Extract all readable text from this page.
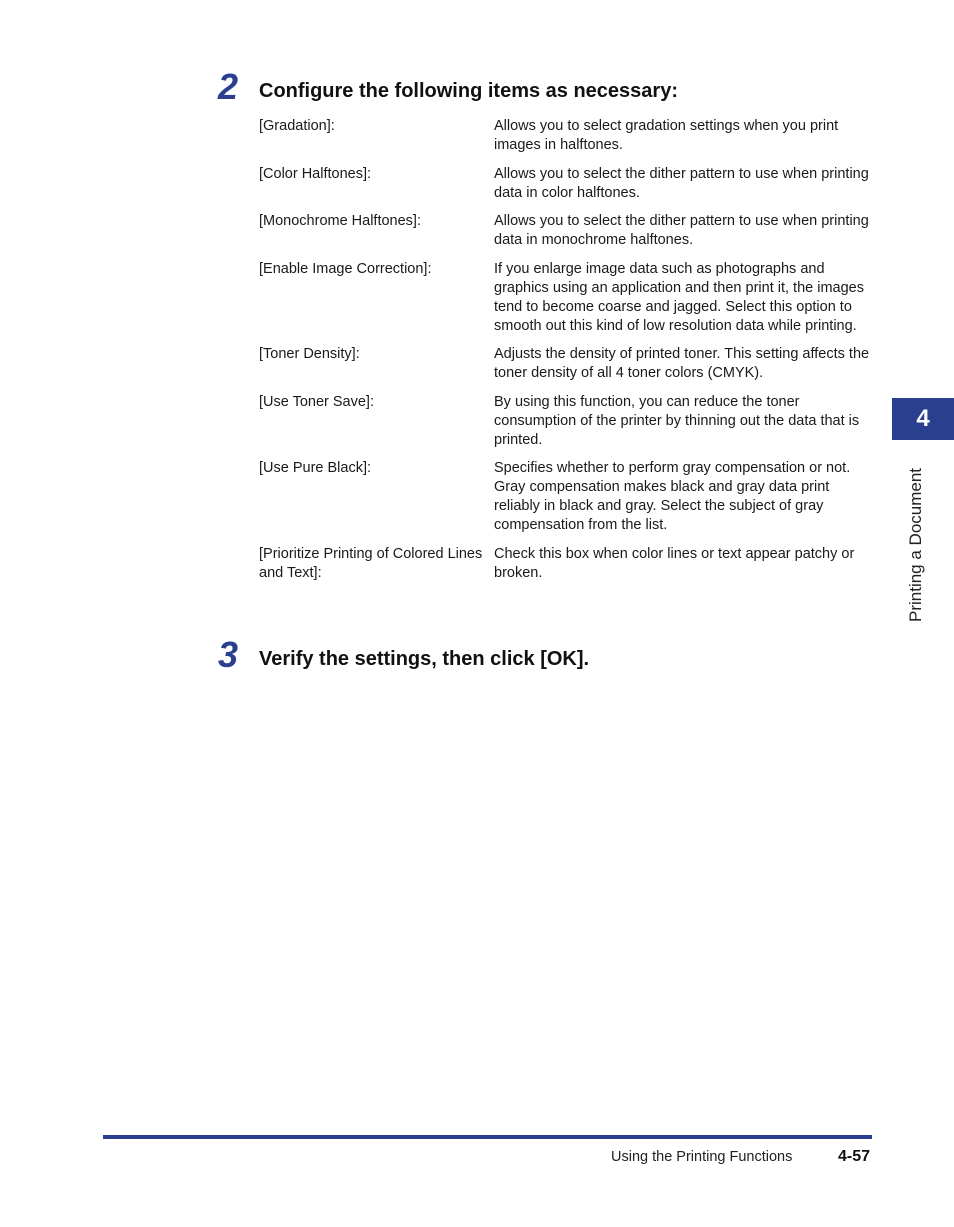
2 Configure the following items as necessary:
[Gradation]:	Allows you to select gradation settings when you print images in halftones.
[Color Halftones]:	Allows you to select the dither pattern to use when printing data in color halftones.
[Monochrome Halftones]:	Allows you to select the dither pattern to use when printing data in monochrome halftones.
[Enable Image Correction]:	If you enlarge image data such as photographs and graphics using an application and then print it, the images tend to become coarse and jagged. Select this option to smooth out this kind of low resolution data while printing.
[Toner Density]:	Adjusts the density of printed toner. This setting affects the toner density of all 4 toner colors (CMYK).
[Use Toner Save]:	By using this function, you can reduce the toner consumption of the printer by thinning out the data that is printed.
[Use Pure Black]:	Specifies whether to perform gray compensation or not. Gray compensation makes black and gray data print reliably in black and gray. Select the subject of gray compensation from the list.
[Prioritize Printing of Colored Lines and Text]:
Check this box when color lines or text appear patchy or broken.
3 Verify the settings, then click [OK].
4
Printing a Document
Using the Printing Functions	4-57
